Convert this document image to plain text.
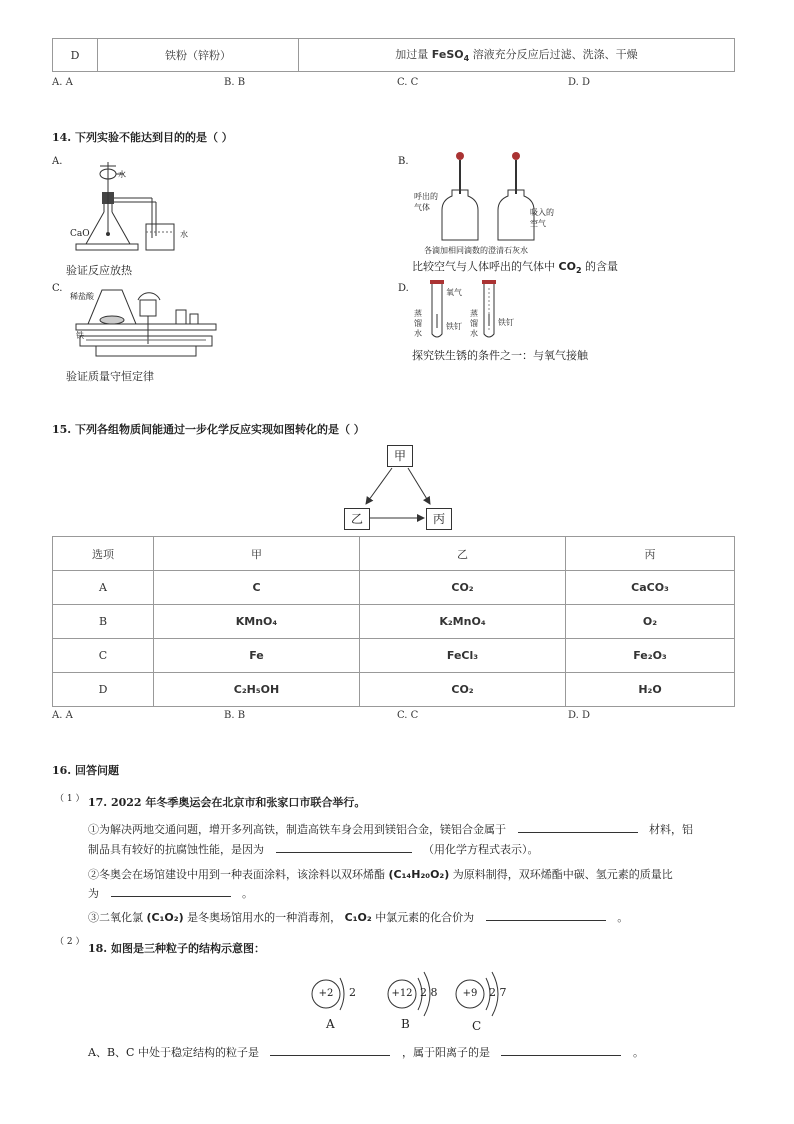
D	铁粉（锌粉）	加过量 FeSO$_4$ 溶液充分反应后过滤、洗涤、干燥
A. A	B. B	C. C	D. D
14. 下列实验不能达到目的的是（ ）
A.
水
CaO	水
验证反应放热
B.
呼出的气体
吸入的空气
各滴加相同滴数的澄清石灰水
比较空气与人体呼出的气体中 $CO_2$ 的含量
C.
稀盐酸
铁
验证质量守恒定律
D.	氧气
蒸馏水
铁钉
蒸馏水
铁钉
探究铁生锈的条件之一：与氧气接触
15. 下列各组物质间能通过一步化学反应实现如图转化的是（ ）
甲
乙	丙
选项	甲	乙	丙
A	C	CO₂	CaCO₃
B	KMnO₄	K₂MnO₄	O₂
C	Fe	FeCl₃	Fe₂O₃
D	C₂H₅OH	CO₂	H₂O
A. A	B. B	C. C	D. D
16. 回答问题
（ 1 ） 17. 2022 年冬季奥运会在北京市和张家口市联合举行。
①为解决两地交通问题，增开多列高铁，制造高铁车身会用到镁铝合金，镁铝合金属于	材料，铝
制品具有较好的抗腐蚀性能，是因为	（用化学方程式表示）。
②冬奥会在场馆建设中用到一种表面涂料，该涂料以双环烯酯 (C₁₄H₂₀O₂) 为原料制得，双环烯酯中碳、氢元素的质量比
为	。
③二氧化氯 (C₁O₂) 是冬奥场馆用水的一种消毒剂， C₁O₂ 中氯元素的化合价为	。
（ 2 ） 18. 如图是三种粒子的结构示意图：
+2 2
A
+12 2 8
B
+9	2 7
C
A、B、C 中处于稳定结构的粒子是	，属于阳离子的是	。
